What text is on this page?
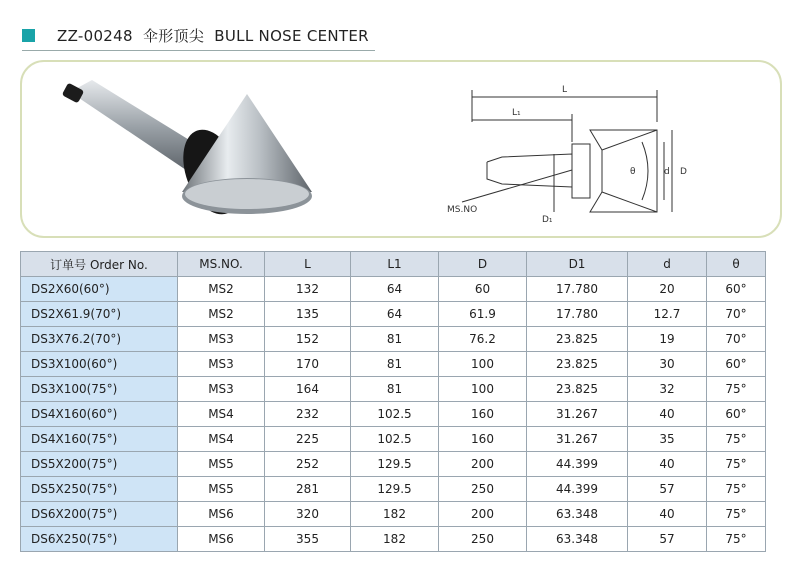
ZZ-00248  伞形顶尖  BULL NOSE CENTER
L
L₁
θ	d D
D₁
MS.NO
订单号 Order No.	MS.NO.	L	L1	D	D1	d	θ
DS2X60(60°)	MS2	132	64	60	17.780	20	60°
DS2X61.9(70°)	MS2	135	64	61.9	17.780	12.7	70°
DS3X76.2(70°)	MS3	152	81	76.2	23.825	19	70°
DS3X100(60°)	MS3	170	81	100	23.825	30	60°
DS3X100(75°)	MS3	164	81	100	23.825	32	75°
DS4X160(60°)	MS4	232	102.5	160	31.267	40	60°
DS4X160(75°)	MS4	225	102.5	160	31.267	35	75°
DS5X200(75°)	MS5	252	129.5	200	44.399	40	75°
DS5X250(75°)	MS5	281	129.5	250	44.399	57	75°
DS6X200(75°)	MS6	320	182	200	63.348	40	75°
DS6X250(75°)	MS6	355	182	250	63.348	57	75°
